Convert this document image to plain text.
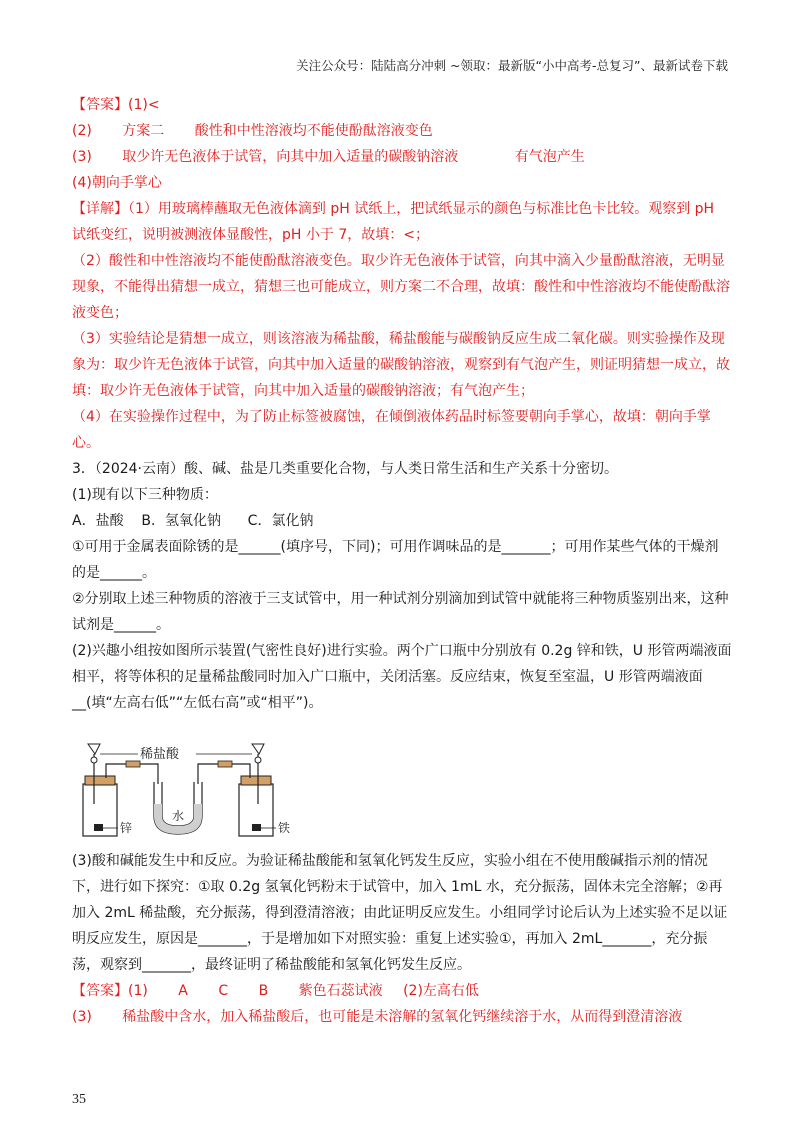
关注公众号：陆陆高分冲刺 ~领取：最新版“小中高考-总复习”、最新试卷下载
【答案】(1)<
(2) 方案二 酸性和中性溶液均不能使酚酞溶液变色
(3) 取少许无色液体于试管，向其中加入适量的碳酸钠溶液	有气泡产生
(4)朝向手掌心

【详解】（1）用玻璃棒蘸取无色液体滴到 pH 试纸上，把试纸显示的颜色与标准比色卡比较。观察到 pH 试纸变红，说明被测液体显酸性，pH 小于 7，故填：<；

（2）酸性和中性溶液均不能使酚酞溶液变色。取少许无色液体于试管，向其中滴入少量酚酞溶液，无明显现象，不能得出猜想一成立，猜想三也可能成立，则方案二不合理，故填：酸性和中性溶液均不能使酚酞溶液变色；

（3）实验结论是猜想一成立，则该溶液为稀盐酸，稀盐酸能与碳酸钠反应生成二氧化碳。则实验操作及现象为：取少许无色液体于试管，向其中加入适量的碳酸钠溶液，观察到有气泡产生，则证明猜想一成立，故填：取少许无色液体于试管，向其中加入适量的碳酸钠溶液；有气泡产生；

（4）在实验操作过程中，为了防止标签被腐蚀，在倾倒液体药品时标签要朝向手掌心，故填：朝向手掌心。

3．（2024·云南）酸、碱、盐是几类重要化合物，与人类日常生活和生产关系十分密切。

(1)现有以下三种物质：

A．盐酸    B．氢氧化钠      C．氯化钠

①可用于金属表面除锈的是______(填序号，下同)；可用作调味品的是_______；可用作某些气体的干燥剂的是______。

②分别取上述三种物质的溶液于三支试管中，用一种试剂分别滴加到试管中就能将三种物质鉴别出来，这种试剂是______。

(2)兴趣小组按如图所示装置(气密性良好)进行实验。两个广口瓶中分别放有 0.2g 锌和铁，U 形管两端液面相平，将等体积的足量稀盐酸同时加入广口瓶中，关闭活塞。反应结束，恢复至室温，U 形管两端液面__(填“左高右低”“左低右高”或“相平”)。

稀盐酸
水
锌	铁

(3)酸和碱能发生中和反应。为验证稀盐酸能和氢氧化钙发生反应，实验小组在不使用酸碱指示剂的情况下，进行如下探究：①取 0.2g 氢氧化钙粉末于试管中，加入 1mL 水，充分振荡，固体未完全溶解；②再加入 2mL 稀盐酸，充分振荡，得到澄清溶液；由此证明反应发生。小组同学讨论后认为上述实验不足以证明反应发生，原因是_______，于是增加如下对照实验：重复上述实验①，再加入 2mL_______，充分振荡，观察到_______，最终证明了稀盐酸能和氢氧化钙发生反应。

【答案】(1) A C B 紫色石蕊试液 (2)左高右低
(3) 稀盐酸中含水，加入稀盐酸后，也可能是未溶解的氢氧化钙继续溶于水，从而得到澄清溶液
35
